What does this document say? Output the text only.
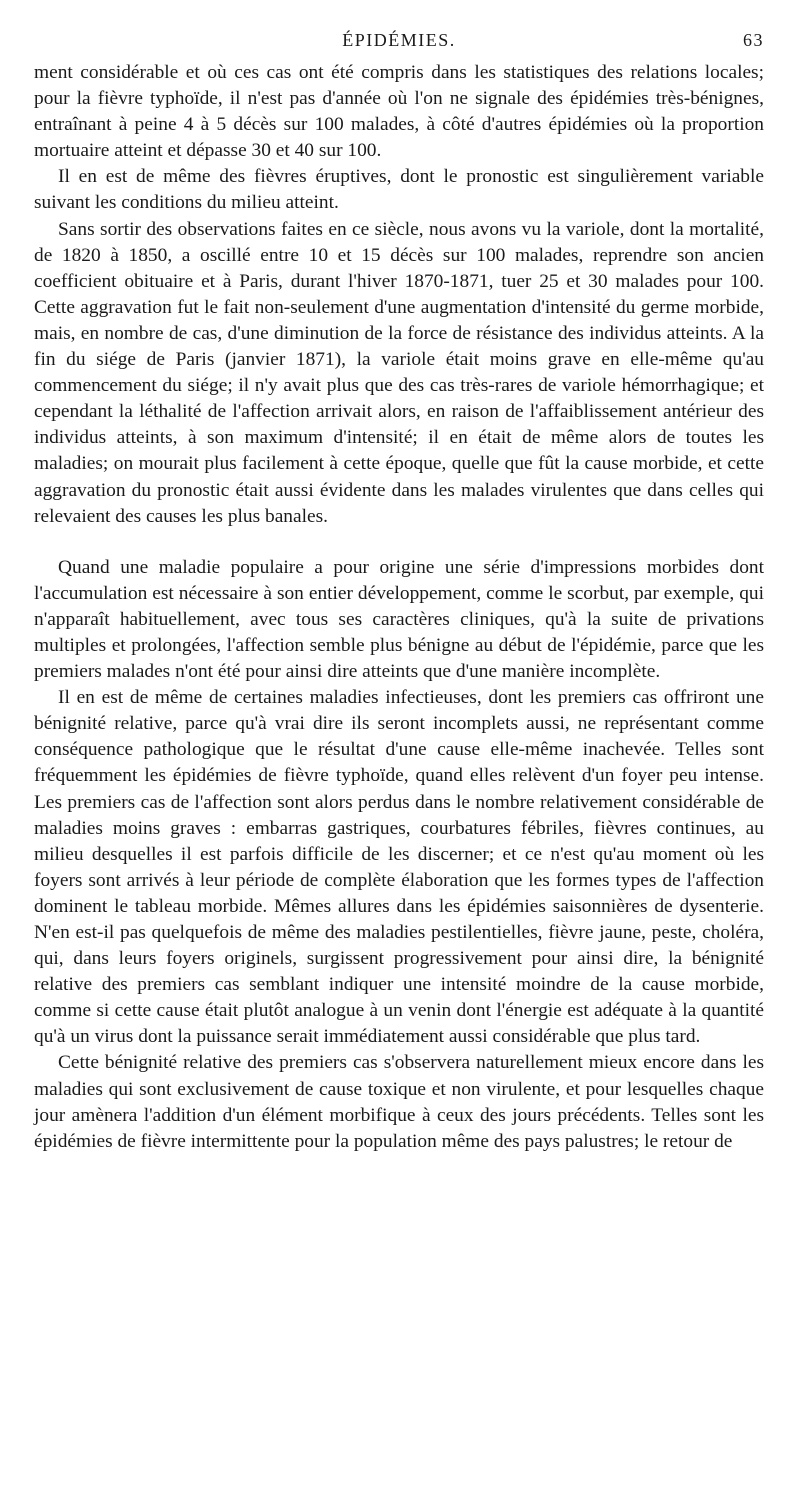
ÉPIDÉMIES.	63

ment considérable et où ces cas ont été compris dans les statistiques des relations locales; pour la fièvre typhoïde, il n'est pas d'année où l'on ne signale des épidémies très-bénignes, entraînant à peine 4 à 5 décès sur 100 malades, à côté d'autres épidémies où la proportion mortuaire atteint et dépasse 30 et 40 sur 100.

Il en est de même des fièvres éruptives, dont le pronostic est singulièrement variable suivant les conditions du milieu atteint.

Sans sortir des observations faites en ce siècle, nous avons vu la variole, dont la mortalité, de 1820 à 1850, a oscillé entre 10 et 15 décès sur 100 malades, reprendre son ancien coefficient obituaire et à Paris, durant l'hiver 1870-1871, tuer 25 et 30 malades pour 100. Cette aggravation fut le fait non-seulement d'une augmentation d'intensité du germe morbide, mais, en nombre de cas, d'une diminution de la force de résistance des individus atteints. A la fin du siége de Paris (janvier 1871), la variole était moins grave en elle-même qu'au commencement du siége; il n'y avait plus que des cas très-rares de variole hémorrhagique; et cependant la léthalité de l'affection arrivait alors, en raison de l'affaiblissement antérieur des individus atteints, à son maximum d'intensité; il en était de même alors de toutes les maladies; on mourait plus facilement à cette époque, quelle que fût la cause morbide, et cette aggravation du pronostic était aussi évidente dans les malades virulentes que dans celles qui relevaient des causes les plus banales.

Quand une maladie populaire a pour origine une série d'impressions morbides dont l'accumulation est nécessaire à son entier développement, comme le scorbut, par exemple, qui n'apparaît habituellement, avec tous ses caractères cliniques, qu'à la suite de privations multiples et prolongées, l'affection semble plus bénigne au début de l'épidémie, parce que les premiers malades n'ont été pour ainsi dire atteints que d'une manière incomplète.

Il en est de même de certaines maladies infectieuses, dont les premiers cas offriront une bénignité relative, parce qu'à vrai dire ils seront incomplets aussi, ne représentant comme conséquence pathologique que le résultat d'une cause elle-même inachevée. Telles sont fréquemment les épidémies de fièvre typhoïde, quand elles relèvent d'un foyer peu intense. Les premiers cas de l'affection sont alors perdus dans le nombre relativement considérable de maladies moins graves : embarras gastriques, courbatures fébriles, fièvres continues, au milieu desquelles il est parfois difficile de les discerner; et ce n'est qu'au moment où les foyers sont arrivés à leur période de complète élaboration que les formes types de l'affection dominent le tableau morbide. Mêmes allures dans les épidémies saisonnières de dysenterie. N'en est-il pas quelquefois de même des maladies pestilentielles, fièvre jaune, peste, choléra, qui, dans leurs foyers originels, surgissent progressivement pour ainsi dire, la bénignité relative des premiers cas semblant indiquer une intensité moindre de la cause morbide, comme si cette cause était plutôt analogue à un venin dont l'énergie est adéquate à la quantité qu'à un virus dont la puissance serait immédiatement aussi considérable que plus tard.

Cette bénignité relative des premiers cas s'observera naturellement mieux encore dans les maladies qui sont exclusivement de cause toxique et non virulente, et pour lesquelles chaque jour amènera l'addition d'un élément morbifique à ceux des jours précédents. Telles sont les épidémies de fièvre intermittente pour la population même des pays palustres; le retour de
